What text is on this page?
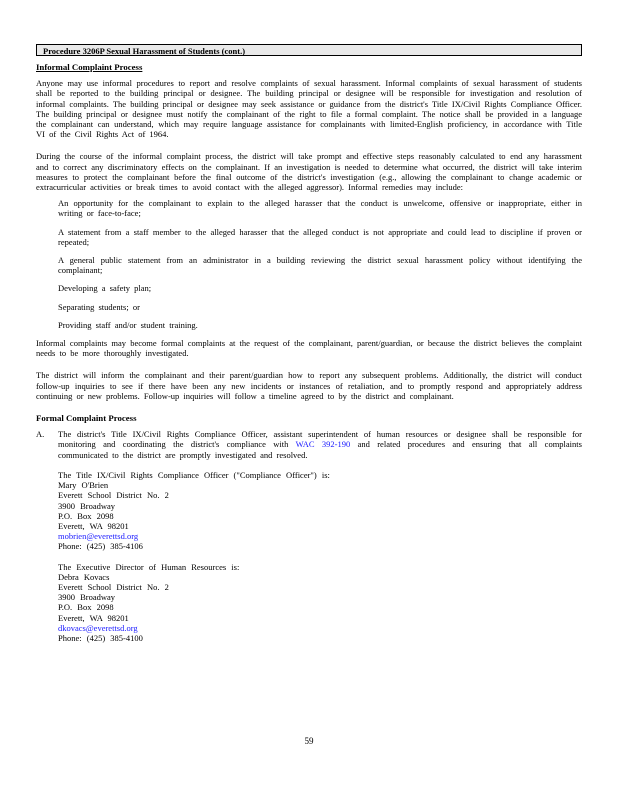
Procedure 3206P Sexual Harassment of Students (cont.)
Informal Complaint Process

Anyone may use informal procedures to report and resolve complaints of sexual harassment. Informal complaints of sexual harassment of students shall be reported to the building principal or designee. The building principal or designee will be responsible for investigation and resolution of informal complaints. The building principal or designee may seek assistance or guidance from the district's Title IX/Civil Rights Compliance Officer. The building principal or designee must notify the complainant of the right to file a formal complaint. The notice shall be provided in a language the complainant can understand, which may require language assistance for complainants with limited-English proficiency, in accordance with Title VI of the Civil Rights Act of 1964.

During the course of the informal complaint process, the district will take prompt and effective steps reasonably calculated to end any harassment and to correct any discriminatory effects on the complainant. If an investigation is needed to determine what occurred, the district will take interim measures to protect the complainant before the final outcome of the district's investigation (e.g., allowing the complainant to change academic or extracurricular activities or break times to avoid contact with the alleged aggressor). Informal remedies may include:

An opportunity for the complainant to explain to the alleged harasser that the conduct is unwelcome, offensive or inappropriate, either in writing or face-to-face;
A statement from a staff member to the alleged harasser that the alleged conduct is not appropriate and could lead to discipline if proven or repeated;
A general public statement from an administrator in a building reviewing the district sexual harassment policy without identifying the complainant;
Developing a safety plan;
Separating students; or
Providing staff and/or student training.

Informal complaints may become formal complaints at the request of the complainant, parent/guardian, or because the district believes the complaint needs to be more thoroughly investigated.

The district will inform the complainant and their parent/guardian how to report any subsequent problems. Additionally, the district will conduct follow-up inquiries to see if there have been any new incidents or instances of retaliation, and to promptly respond and appropriately address continuing or new problems. Follow-up inquiries will follow a timeline agreed to by the district and complainant.

Formal Complaint Process
A. The district's Title IX/Civil Rights Compliance Officer, assistant superintendent of human resources or designee shall be responsible for monitoring and coordinating the district's compliance with WAC 392-190 and related procedures and ensuring that all complaints communicated to the district are promptly investigated and resolved.

The Title IX/Civil Rights Compliance Officer ("Compliance Officer") is:
Mary O'Brien
Everett School District No. 2
3900 Broadway
P.O. Box 2098
Everett, WA 98201
mobrien@everettsd.org
Phone: (425) 385-4106
The Executive Director of Human Resources is:
Debra Kovacs
Everett School District No. 2
3900 Broadway
P.O. Box 2098
Everett, WA 98201
dkovacs@everettsd.org
Phone: (425) 385-4100
59
